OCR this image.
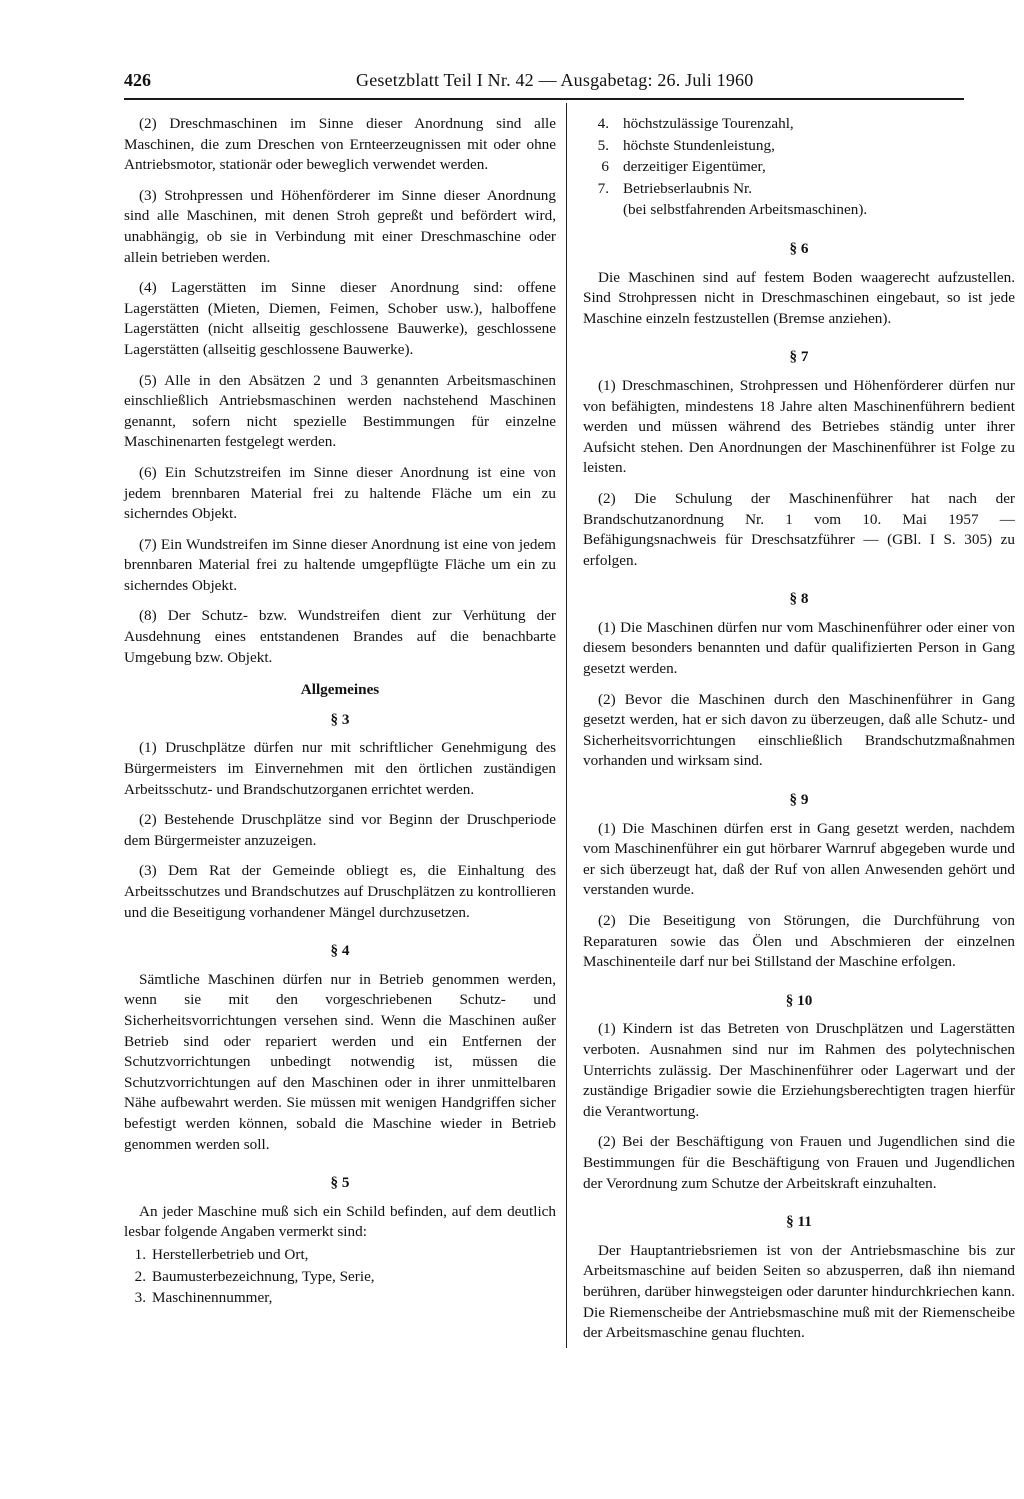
426	Gesetzblatt Teil I Nr. 42 — Ausgabetag: 26. Juli 1960

(2) Dreschmaschinen im Sinne dieser Anordnung sind alle Maschinen, die zum Dreschen von Ernteerzeugnissen mit oder ohne Antriebsmotor, stationär oder beweglich verwendet werden.

(3) Strohpressen und Höhenförderer im Sinne dieser Anordnung sind alle Maschinen, mit denen Stroh gepreßt und befördert wird, unabhängig, ob sie in Verbindung mit einer Dreschmaschine oder allein betrieben werden.

(4) Lagerstätten im Sinne dieser Anordnung sind: offene Lagerstätten (Mieten, Diemen, Feimen, Schober usw.), halboffene Lagerstätten (nicht allseitig geschlossene Bauwerke), geschlossene Lagerstätten (allseitig geschlossene Bauwerke).

(5) Alle in den Absätzen 2 und 3 genannten Arbeitsmaschinen einschließlich Antriebsmaschinen werden nachstehend Maschinen genannt, sofern nicht spezielle Bestimmungen für einzelne Maschinenarten festgelegt werden.

(6) Ein Schutzstreifen im Sinne dieser Anordnung ist eine von jedem brennbaren Material frei zu haltende Fläche um ein zu sicherndes Objekt.

(7) Ein Wundstreifen im Sinne dieser Anordnung ist eine von jedem brennbaren Material frei zu haltende umgepflügte Fläche um ein zu sicherndes Objekt.

(8) Der Schutz- bzw. Wundstreifen dient zur Verhütung der Ausdehnung eines entstandenen Brandes auf die benachbarte Umgebung bzw. Objekt.

Allgemeines
§ 3

(1) Druschplätze dürfen nur mit schriftlicher Genehmigung des Bürgermeisters im Einvernehmen mit den örtlichen zuständigen Arbeitsschutz- und Brandschutzorganen errichtet werden.

(2) Bestehende Druschplätze sind vor Beginn der Druschperiode dem Bürgermeister anzuzeigen.

(3) Dem Rat der Gemeinde obliegt es, die Einhaltung des Arbeitsschutzes und Brandschutzes auf Druschplätzen zu kontrollieren und die Beseitigung vorhandener Mängel durchzusetzen.

§ 4

Sämtliche Maschinen dürfen nur in Betrieb genommen werden, wenn sie mit den vorgeschriebenen Schutz- und Sicherheitsvorrichtungen versehen sind. Wenn die Maschinen außer Betrieb sind oder repariert werden und ein Entfernen der Schutzvorrichtungen unbedingt notwendig ist, müssen die Schutzvorrichtungen auf den Maschinen oder in ihrer unmittelbaren Nähe aufbewahrt werden. Sie müssen mit wenigen Handgriffen sicher befestigt werden können, sobald die Maschine wieder in Betrieb genommen werden soll.

§ 5

An jeder Maschine muß sich ein Schild befinden, auf dem deutlich lesbar folgende Angaben vermerkt sind:

1. Herstellerbetrieb und Ort,
2. Baumusterbezeichnung, Type, Serie,
3. Maschinennummer,
4. höchstzulässige Tourenzahl,
5. höchste Stundenleistung,
6 derzeitiger Eigentümer,
7. Betriebserlaubnis Nr.
(bei selbstfahrenden Arbeitsmaschinen).
§ 6

Die Maschinen sind auf festem Boden waagerecht aufzustellen. Sind Strohpressen nicht in Dreschmaschinen eingebaut, so ist jede Maschine einzeln festzustellen (Bremse anziehen).

§ 7

(1) Dreschmaschinen, Strohpressen und Höhenförderer dürfen nur von befähigten, mindestens 18 Jahre alten Maschinenführern bedient werden und müssen während des Betriebes ständig unter ihrer Aufsicht stehen. Den Anordnungen der Maschinenführer ist Folge zu leisten.

(2) Die Schulung der Maschinenführer hat nach der Brandschutzanordnung Nr. 1 vom 10. Mai 1957 — Befähigungsnachweis für Dreschsatzführer — (GBl. I S. 305) zu erfolgen.

§ 8

(1) Die Maschinen dürfen nur vom Maschinenführer oder einer von diesem besonders benannten und dafür qualifizierten Person in Gang gesetzt werden.

(2) Bevor die Maschinen durch den Maschinenführer in Gang gesetzt werden, hat er sich davon zu überzeugen, daß alle Schutz- und Sicherheitsvorrichtungen einschließlich Brandschutzmaßnahmen vorhanden und wirksam sind.

§ 9

(1) Die Maschinen dürfen erst in Gang gesetzt werden, nachdem vom Maschinenführer ein gut hörbarer Warnruf abgegeben wurde und er sich überzeugt hat, daß der Ruf von allen Anwesenden gehört und verstanden wurde.

(2) Die Beseitigung von Störungen, die Durchführung von Reparaturen sowie das Ölen und Abschmieren der einzelnen Maschinenteile darf nur bei Stillstand der Maschine erfolgen.

§ 10

(1) Kindern ist das Betreten von Druschplätzen und Lagerstätten verboten. Ausnahmen sind nur im Rahmen des polytechnischen Unterrichts zulässig. Der Maschinenführer oder Lagerwart und der zuständige Brigadier sowie die Erziehungsberechtigten tragen hierfür die Verantwortung.

(2) Bei der Beschäftigung von Frauen und Jugendlichen sind die Bestimmungen für die Beschäftigung von Frauen und Jugendlichen der Verordnung zum Schutze der Arbeitskraft einzuhalten.

§ 11

Der Hauptantriebsriemen ist von der Antriebsmaschine bis zur Arbeitsmaschine auf beiden Seiten so abzusperren, daß ihn niemand berühren, darüber hinwegsteigen oder darunter hindurchkriechen kann. Die Riemenscheibe der Antriebsmaschine muß mit der Riemenscheibe der Arbeitsmaschine genau fluchten.
